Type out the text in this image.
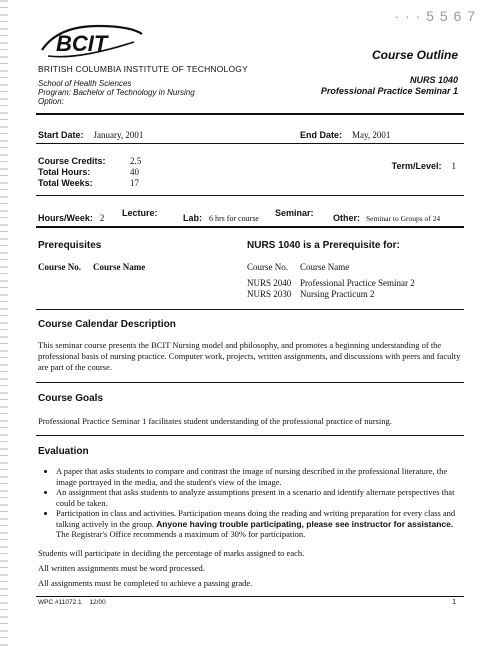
· · · 5 5 6 7
BCIT
BRITISH COLUMBIA INSTITUTE OF TECHNOLOGY
School of Health Sciences
Program: Bachelor of Technology in Nursing
Option:
Course Outline
NURS 1040
Professional Practice Seminar 1
Start Date: January, 2001	End Date: May, 2001
Course Credits:	2.5
Total Hours:	40
Total Weeks:	17
Term/Level: 1
Hours/Week: 2 Lecture:	Lab: 6 hrs for course
Seminar: Other: Seminar to Groups of 24
Prerequisites
Course No. Course Name
NURS 1040 is a Prerequisite for:
Course No. Course Name
NURS 2040 Professional Practice Seminar 2
NURS 2030 Nursing Practicum 2
Course Calendar Description
This seminar course presents the BCIT Nursing model and philosophy, and promotes a beginning understanding of the professional basis of nursing practice. Computer work, projects, written assignments, and discussions with peers and faculty are part of the course.
Course Goals
Professional Practice Seminar 1 facilitates student understanding of the professional practice of nursing.
Evaluation
• A paper that asks students to compare and contrast the image of nursing described in the professional literature, the image portrayed in the media, and the student's view of the image.
• An assignment that asks students to analyze assumptions present in a scenario and identify alternate perspectives that could be taken.
• Participation in class and activities. Participation means doing the reading and writing preparation for every class and talking actively in the group. Anyone having trouble participating, please see instructor for assistance. The Registrar's Office recommends a maximum of 30% for participation.
Students will participate in deciding the percentage of marks assigned to each.
All written assignments must be word processed.
All assignments must be completed to achieve a passing grade.
WPC #11072.1 12/00	1
